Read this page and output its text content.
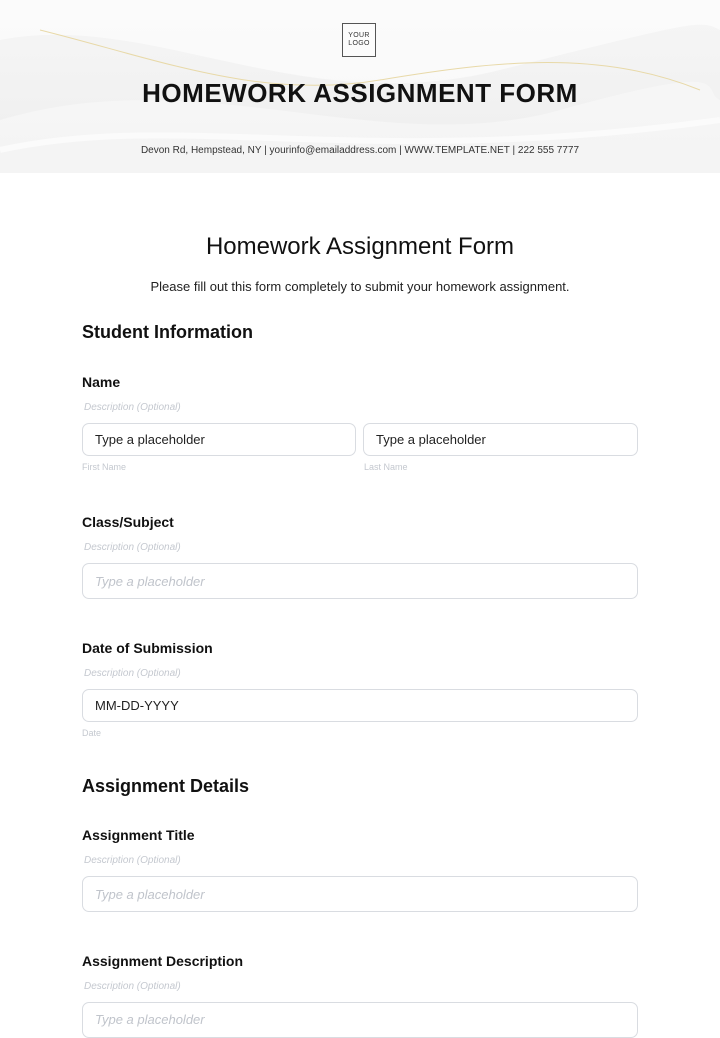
YOUR
LOGO
HOMEWORK ASSIGNMENT FORM
Devon Rd, Hempstead, NY | yourinfo@emailaddress.com | WWW.TEMPLATE.NET | 222 555 7777
Homework Assignment Form
Please fill out this form completely to submit your homework assignment.
Student Information
Name
Description (Optional)
Type a placeholder
First Name
Type a placeholder
Last Name
Class/Subject
Description (Optional)
Type a placeholder
Date of Submission
Description (Optional)
MM-DD-YYYY
Date
Assignment Details
Assignment Title
Description (Optional)
Type a placeholder
Assignment Description
Description (Optional)
Type a placeholder
